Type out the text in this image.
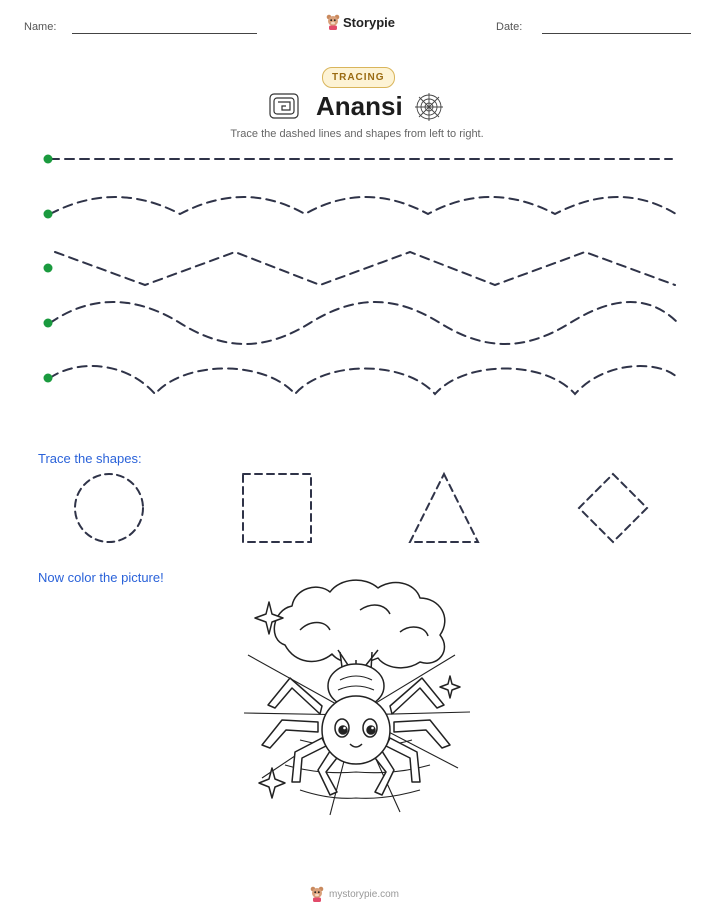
Name:	Storypie	Date:
TRACING
Anansi
Trace the dashed lines and shapes from left to right.
Trace the shapes:
Now color the picture!
mystorypie.com
